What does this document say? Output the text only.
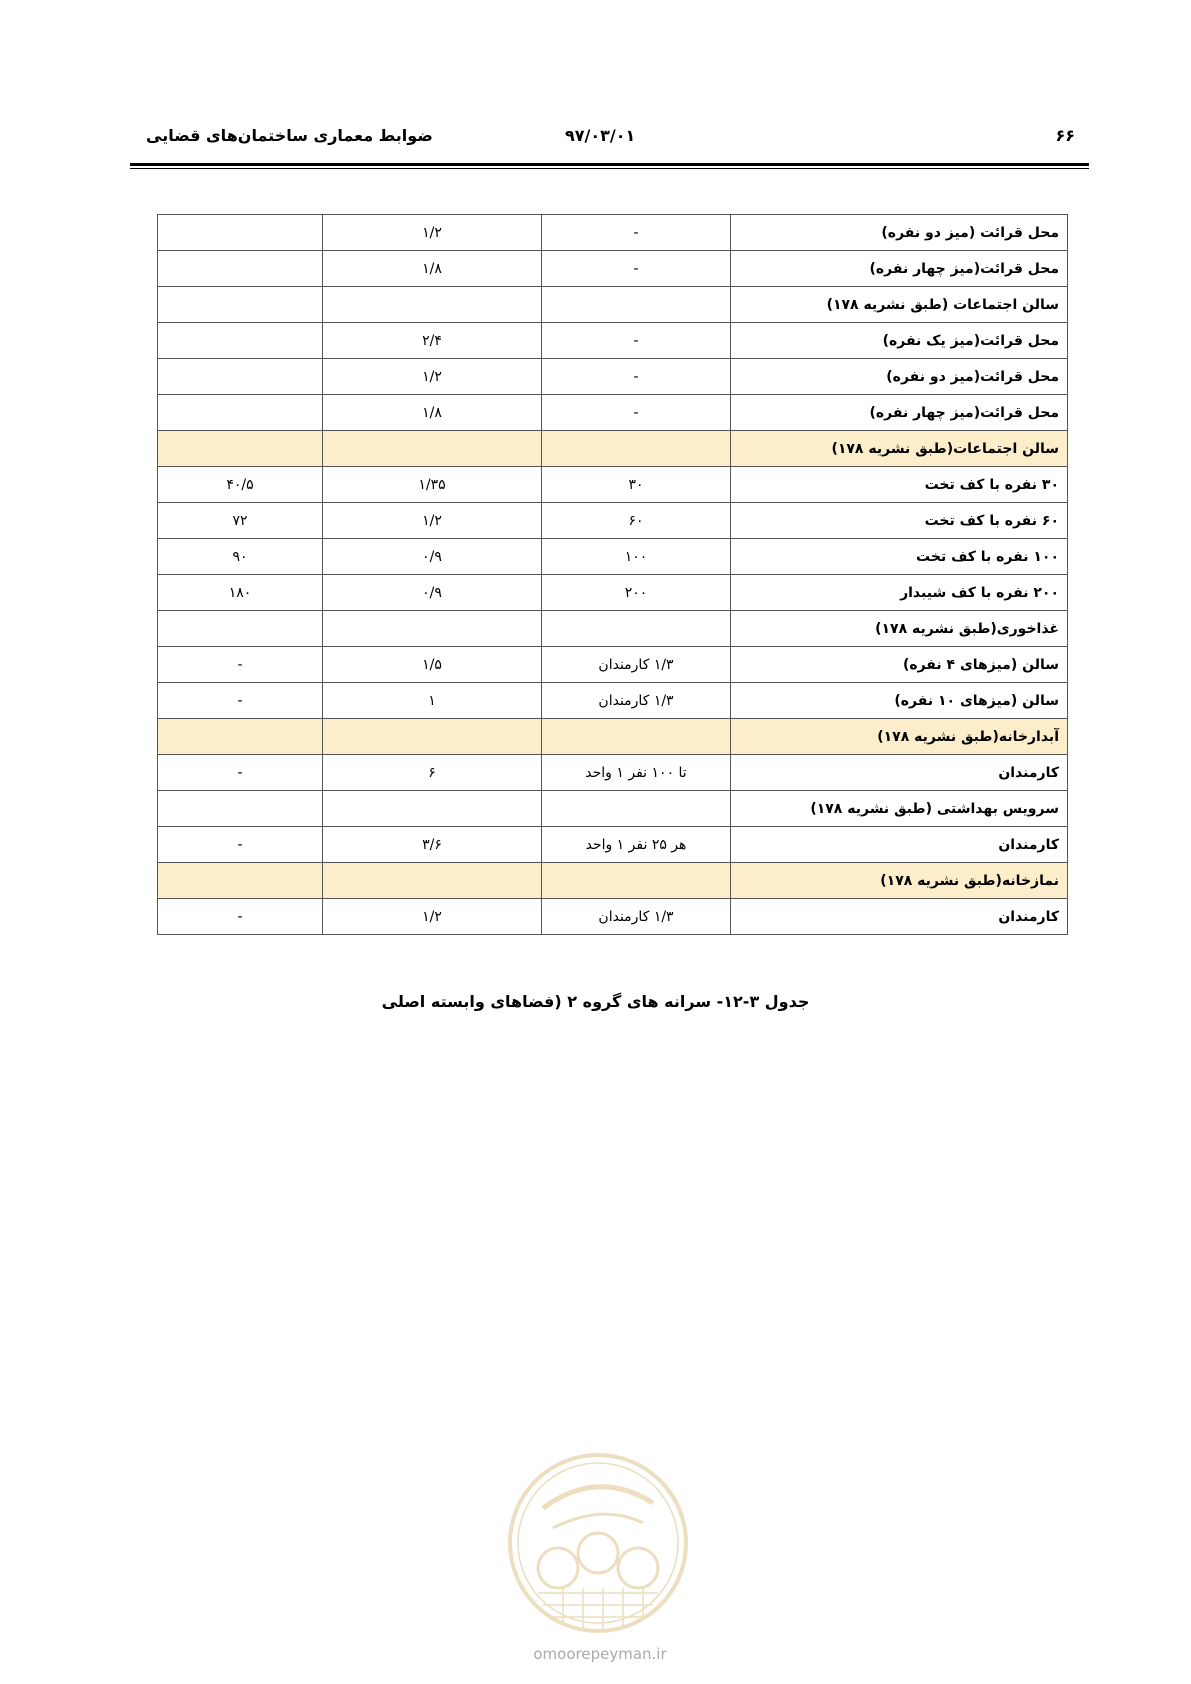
ضوابط معماری ساختمان‌های قضایی	۹۷/۰۳/۰۱	۶۶
محل قرائت (میز دو نفره)	-	۱/۲	
محل قرائت(میز چهار نفره)	-	۱/۸	
سالن اجتماعات (طبق نشریه ۱۷۸)			
محل قرائت(میز یک نفره)	-	۲/۴	
محل قرائت(میز دو نفره)	-	۱/۲	
محل قرائت(میز چهار نفره)	-	۱/۸	
سالن اجتماعات(طبق نشریه ۱۷۸)			
۳۰ نفره با کف تخت	۳۰	۱/۳۵	۴۰/۵
۶۰ نفره با کف تخت	۶۰	۱/۲	۷۲
۱۰۰ نفره با کف تخت	۱۰۰	۰/۹	۹۰
۲۰۰ نفره با کف شیبدار	۲۰۰	۰/۹	۱۸۰
غذاخوری(طبق نشریه ۱۷۸)			
سالن (میزهای ۴ نفره)	۱/۳ کارمندان	۱/۵	-
سالن (میزهای ۱۰ نفره)	۱/۳ کارمندان	۱	-
آبدارخانه(طبق نشریه ۱۷۸)			
کارمندان	تا ۱۰۰ نفر ۱ واحد	۶	-
سرویس بهداشتی (طبق نشریه ۱۷۸)			
کارمندان	هر ۲۵ نفر ۱ واحد	۳/۶	-
نمازخانه(طبق نشریه ۱۷۸)			
کارمندان	۱/۳ کارمندان	۱/۲	-
جدول ۳-۱۲- سرانه های گروه ۲ (فضاهای وابسته اصلی
omoorepeyman.ir
